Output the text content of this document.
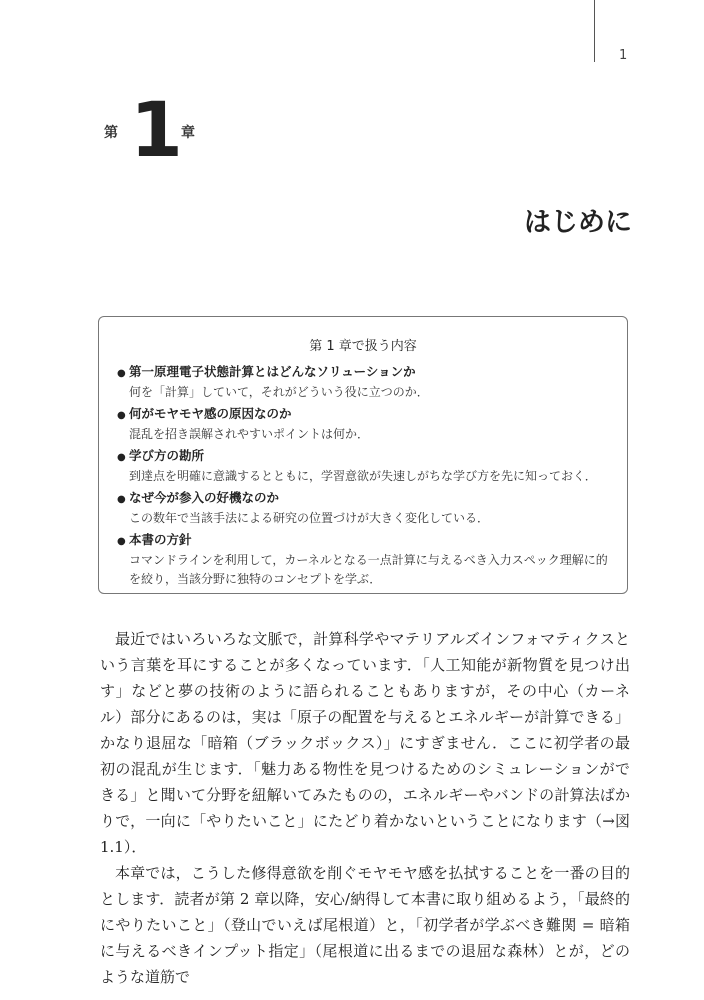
1
第 1 章
はじめに
第 1 章で扱う内容
● 第一原理電子状態計算とはどんなソリューションか
何を「計算」していて，それがどういう役に立つのか．
● 何がモヤモヤ感の原因なのか
混乱を招き誤解されやすいポイントは何か．
● 学び方の勘所
到達点を明確に意識するとともに，学習意欲が失速しがちな学び方を先に知っておく．
● なぜ今が参入の好機なのか
この数年で当該手法による研究の位置づけが大きく変化している．
● 本書の方針
コマンドラインを利用して，カーネルとなる一点計算に与えるべき入力スペック理解に的を絞り，当該分野に独特のコンセプトを学ぶ．

最近ではいろいろな文脈で，計算科学やマテリアルズインフォマティクスという言葉を耳にすることが多くなっています．「人工知能が新物質を見つけ出す」などと夢の技術のように語られることもありますが，その中心（カーネル）部分にあるのは，実は「原子の配置を与えるとエネルギーが計算できる」かなり退屈な「暗箱（ブラックボックス）」にすぎません．ここに初学者の最初の混乱が生じます．「魅力ある物性を見つけるためのシミュレーションができる」と聞いて分野を紐解いてみたものの，エネルギーやバンドの計算法ばかりで，一向に「やりたいこと」にたどり着かないということになります（→図 1.1）．

本章では，こうした修得意欲を削ぐモヤモヤ感を払拭することを一番の目的とします．読者が第 2 章以降，安心/納得して本書に取り組めるよう，「最終的にやりたいこと」（登山でいえば尾根道）と，「初学者が学ぶべき難関 = 暗箱に与えるべきインプット指定」（尾根道に出るまでの退屈な森林）とが，どのような道筋で
